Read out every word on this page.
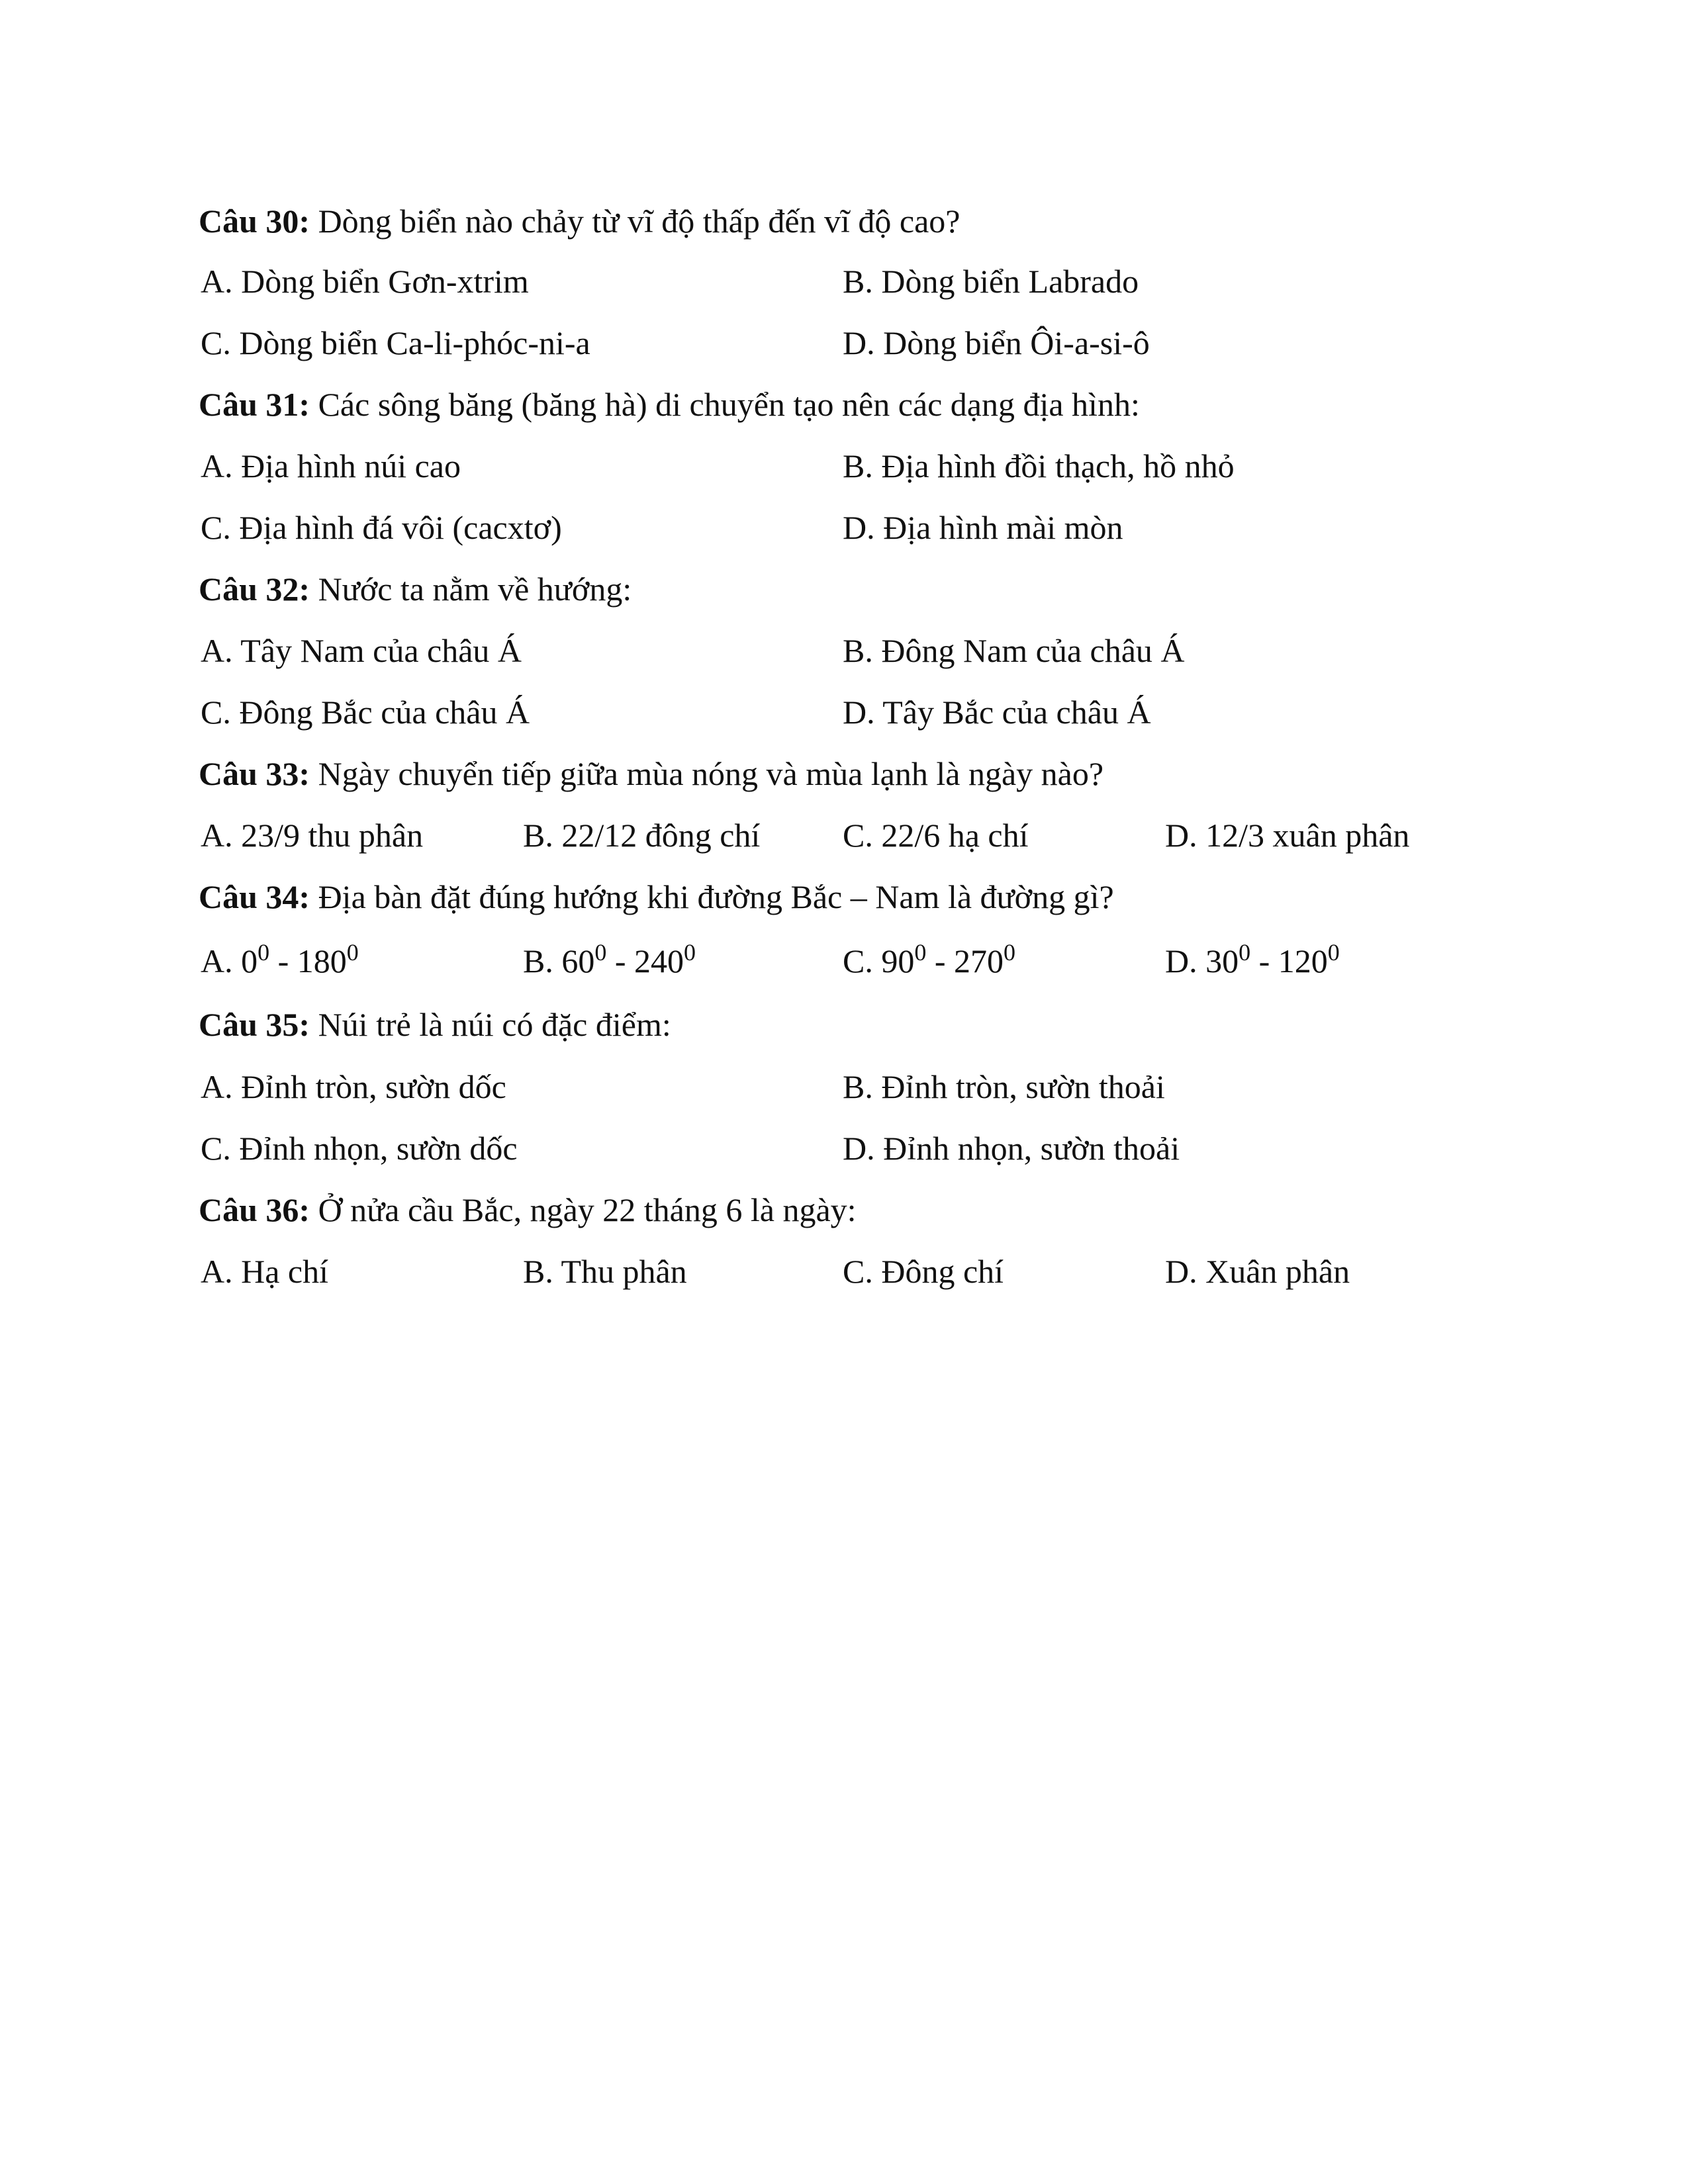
Câu 30: Dòng biển nào chảy từ vĩ độ thấp đến vĩ độ cao?
A. Dòng biển Gơn-xtrim	B. Dòng biển Labrado
C. Dòng biển Ca-li-phóc-ni-a	D. Dòng biển Ôi-a-si-ô
Câu 31: Các sông băng (băng hà) di chuyển tạo nên các dạng địa hình:
A. Địa hình núi cao	B. Địa hình đồi thạch, hồ nhỏ
C. Địa hình đá vôi (cacxtơ)	D. Địa hình mài mòn
Câu 32: Nước ta nằm về hướng:
A. Tây Nam của châu Á	B. Đông Nam của châu Á
C. Đông Bắc của châu Á	D. Tây Bắc của châu Á
Câu 33: Ngày chuyển tiếp giữa mùa nóng và mùa lạnh là ngày nào?
A. 23/9 thu phân	B. 22/12 đông chí C. 22/6 hạ chí	D. 12/3 xuân phân
Câu 34: Địa bàn đặt đúng hướng khi đường Bắc – Nam là đường gì?
A. $0^0 - 180^0$	B. $60^0 - 240^0$	C. $90^0 - 270^0$	D. $30^0 - 120^0$
Câu 35: Núi trẻ là núi có đặc điểm:
A. Đỉnh tròn, sườn dốc	B. Đỉnh tròn, sườn thoải
C. Đỉnh nhọn, sườn dốc	D. Đỉnh nhọn, sườn thoải
Câu 36: Ở nửa cầu Bắc, ngày 22 tháng 6 là ngày:
A. Hạ chí	B. Thu phân	C. Đông chí	D. Xuân phân
